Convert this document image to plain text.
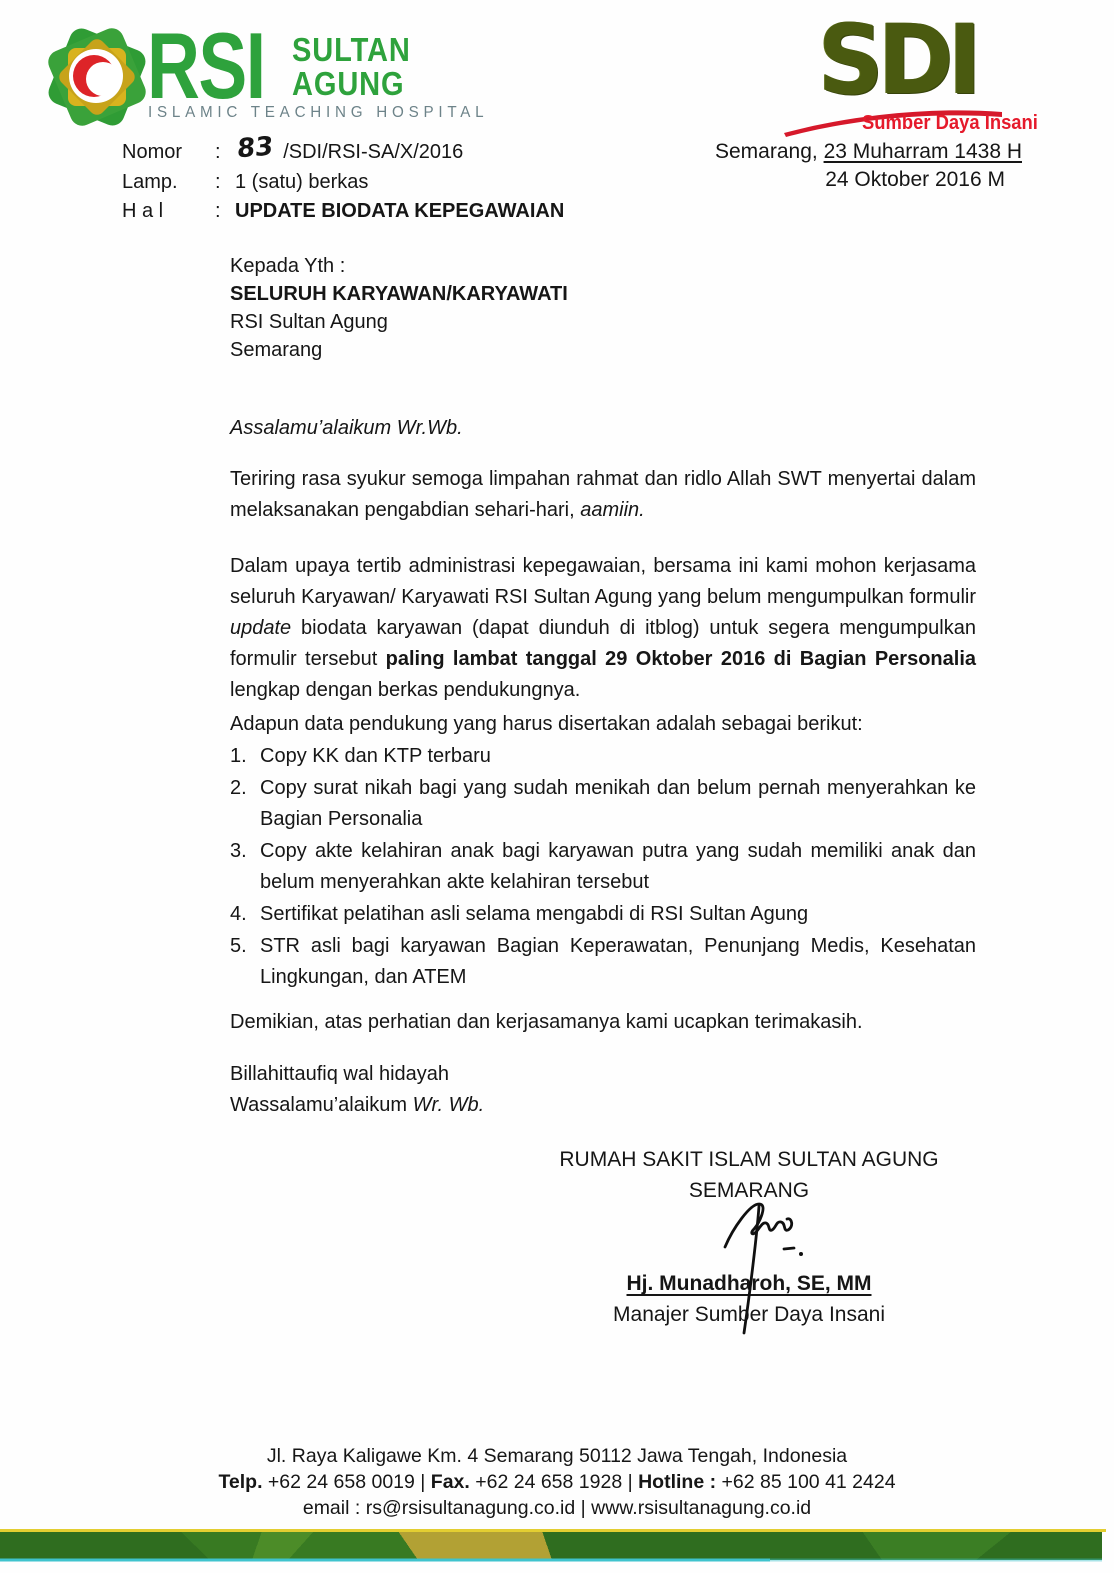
RSI SULTAN
AGUNG
ISLAMIC TEACHING HOSPITAL	SDI
Sumber Daya Insani
Semarang, 23 Muharram 1438 H
24 Oktober 2016 M
Nomor	: 83 /SDI/RSI-SA/X/2016
Lamp.	: 1 (satu) berkas
H a l	: UPDATE BIODATA KEPEGAWAIAN
Kepada Yth :
SELURUH KARYAWAN/KARYAWATI
RSI Sultan Agung
Semarang
Assalamu’alaikum Wr.Wb.

Teriring rasa syukur semoga limpahan rahmat dan ridlo Allah SWT menyertai dalam melaksanakan pengabdian sehari-hari, aamiin.

Dalam upaya tertib administrasi kepegawaian, bersama ini kami mohon kerjasama seluruh Karyawan/ Karyawati RSI Sultan Agung yang belum mengumpulkan formulir update biodata karyawan (dapat diunduh di itblog) untuk segera mengumpulkan formulir tersebut paling lambat tanggal 29 Oktober 2016 di Bagian Personalia lengkap dengan berkas pendukungnya.

Adapun data pendukung yang harus disertakan adalah sebagai berikut:
1. Copy KK dan KTP terbaru
2. Copy surat nikah bagi yang sudah menikah dan belum pernah menyerahkan ke Bagian Personalia
3. Copy akte kelahiran anak bagi karyawan putra yang sudah memiliki anak dan belum menyerahkan akte kelahiran tersebut
4. Sertifikat pelatihan asli selama mengabdi di RSI Sultan Agung
5. STR asli bagi karyawan Bagian Keperawatan, Penunjang Medis, Kesehatan Lingkungan, dan ATEM
Demikian, atas perhatian dan kerjasamanya kami ucapkan terimakasih.
Billahittaufiq wal hidayah
Wassalamu’alaikum Wr. Wb.
RUMAH SAKIT ISLAM SULTAN AGUNG
SEMARANG
Hj. Munadharoh, SE, MM
Manajer Sumber Daya Insani
Jl. Raya Kaligawe Km. 4 Semarang 50112 Jawa Tengah, Indonesia
Telp. +62 24 658 0019 | Fax. +62 24 658 1928 | Hotline : +62 85 100 41 2424
email : rs@rsisultanagung.co.id | www.rsisultanagung.co.id
